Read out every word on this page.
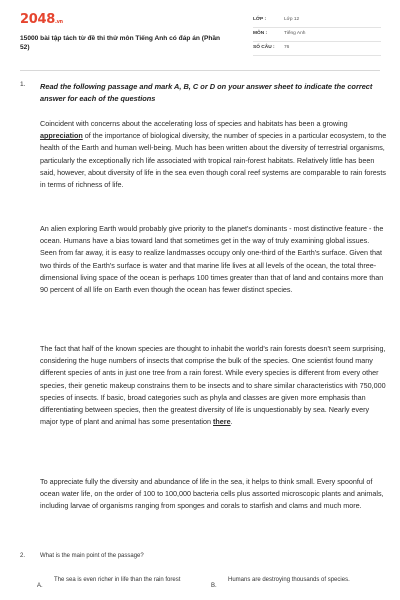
2048.vn
15000 bài tập tách từ đề thi thử môn Tiếng Anh có đáp án (Phần 52)
LỚP :	Lớp 12
MÔN :	Tiếng Anh
SỐ CÂU : 76
1. Read the following passage and mark A, B, C or D on your answer sheet to indicate the correct answer for each of the questions
Coincident with concerns about the accelerating loss of species and habitats has been a growing appreciation of the importance of biological diversity, the number of species in a particular ecosystem, to the health of the Earth and human well-being. Much has been written about the diversity of terrestrial organisms, particularly the exceptionally rich life associated with tropical rain-forest habitats. Relatively little has been said, however, about diversity of life in the sea even though coral reef systems are comparable to rain forests in terms of richness of life.
An alien exploring Earth would probably give priority to the planet's dominants - most distinctive feature - the ocean. Humans have a bias toward land that sometimes get in the way of truly examining global issues. Seen from far away, it is easy to realize landmasses occupy only one-third of the Earth's surface. Given that two thirds of the Earth's surface is water and that marine life lives at all levels of the ocean, the total three-dimensional living space of the ocean is perhaps 100 times greater than that of land and contains more than 90 percent of all life on Earth even though the ocean has fewer distinct species.
The fact that half of the known species are thought to inhabit the world's rain forests doesn't seem surprising, considering the huge numbers of insects that comprise the bulk of the species. One scientist found many different species of ants in just one tree from a rain forest. While every species is different from every other species, their genetic makeup constrains them to be insects and to share similar characteristics with 750,000 species of insects. If basic, broad categories such as phyla and classes are given more emphasis than differentiating between species, then the greatest diversity of life is unquestionably by sea. Nearly every major type of plant and animal has some presentation there.
To appreciate fully the diversity and abundance of life in the sea, it helps to think small. Every spoonful of ocean water life, on the order of 100 to 100,000 bacteria cells plus assorted microscopic plants and animals, including larvae of organisms ranging from sponges and corals to starfish and clams and much more.
2. What is the main point of the passage?
A.
The sea is even richer in life than the rain forest
B.
Humans are destroying thousands of species.
